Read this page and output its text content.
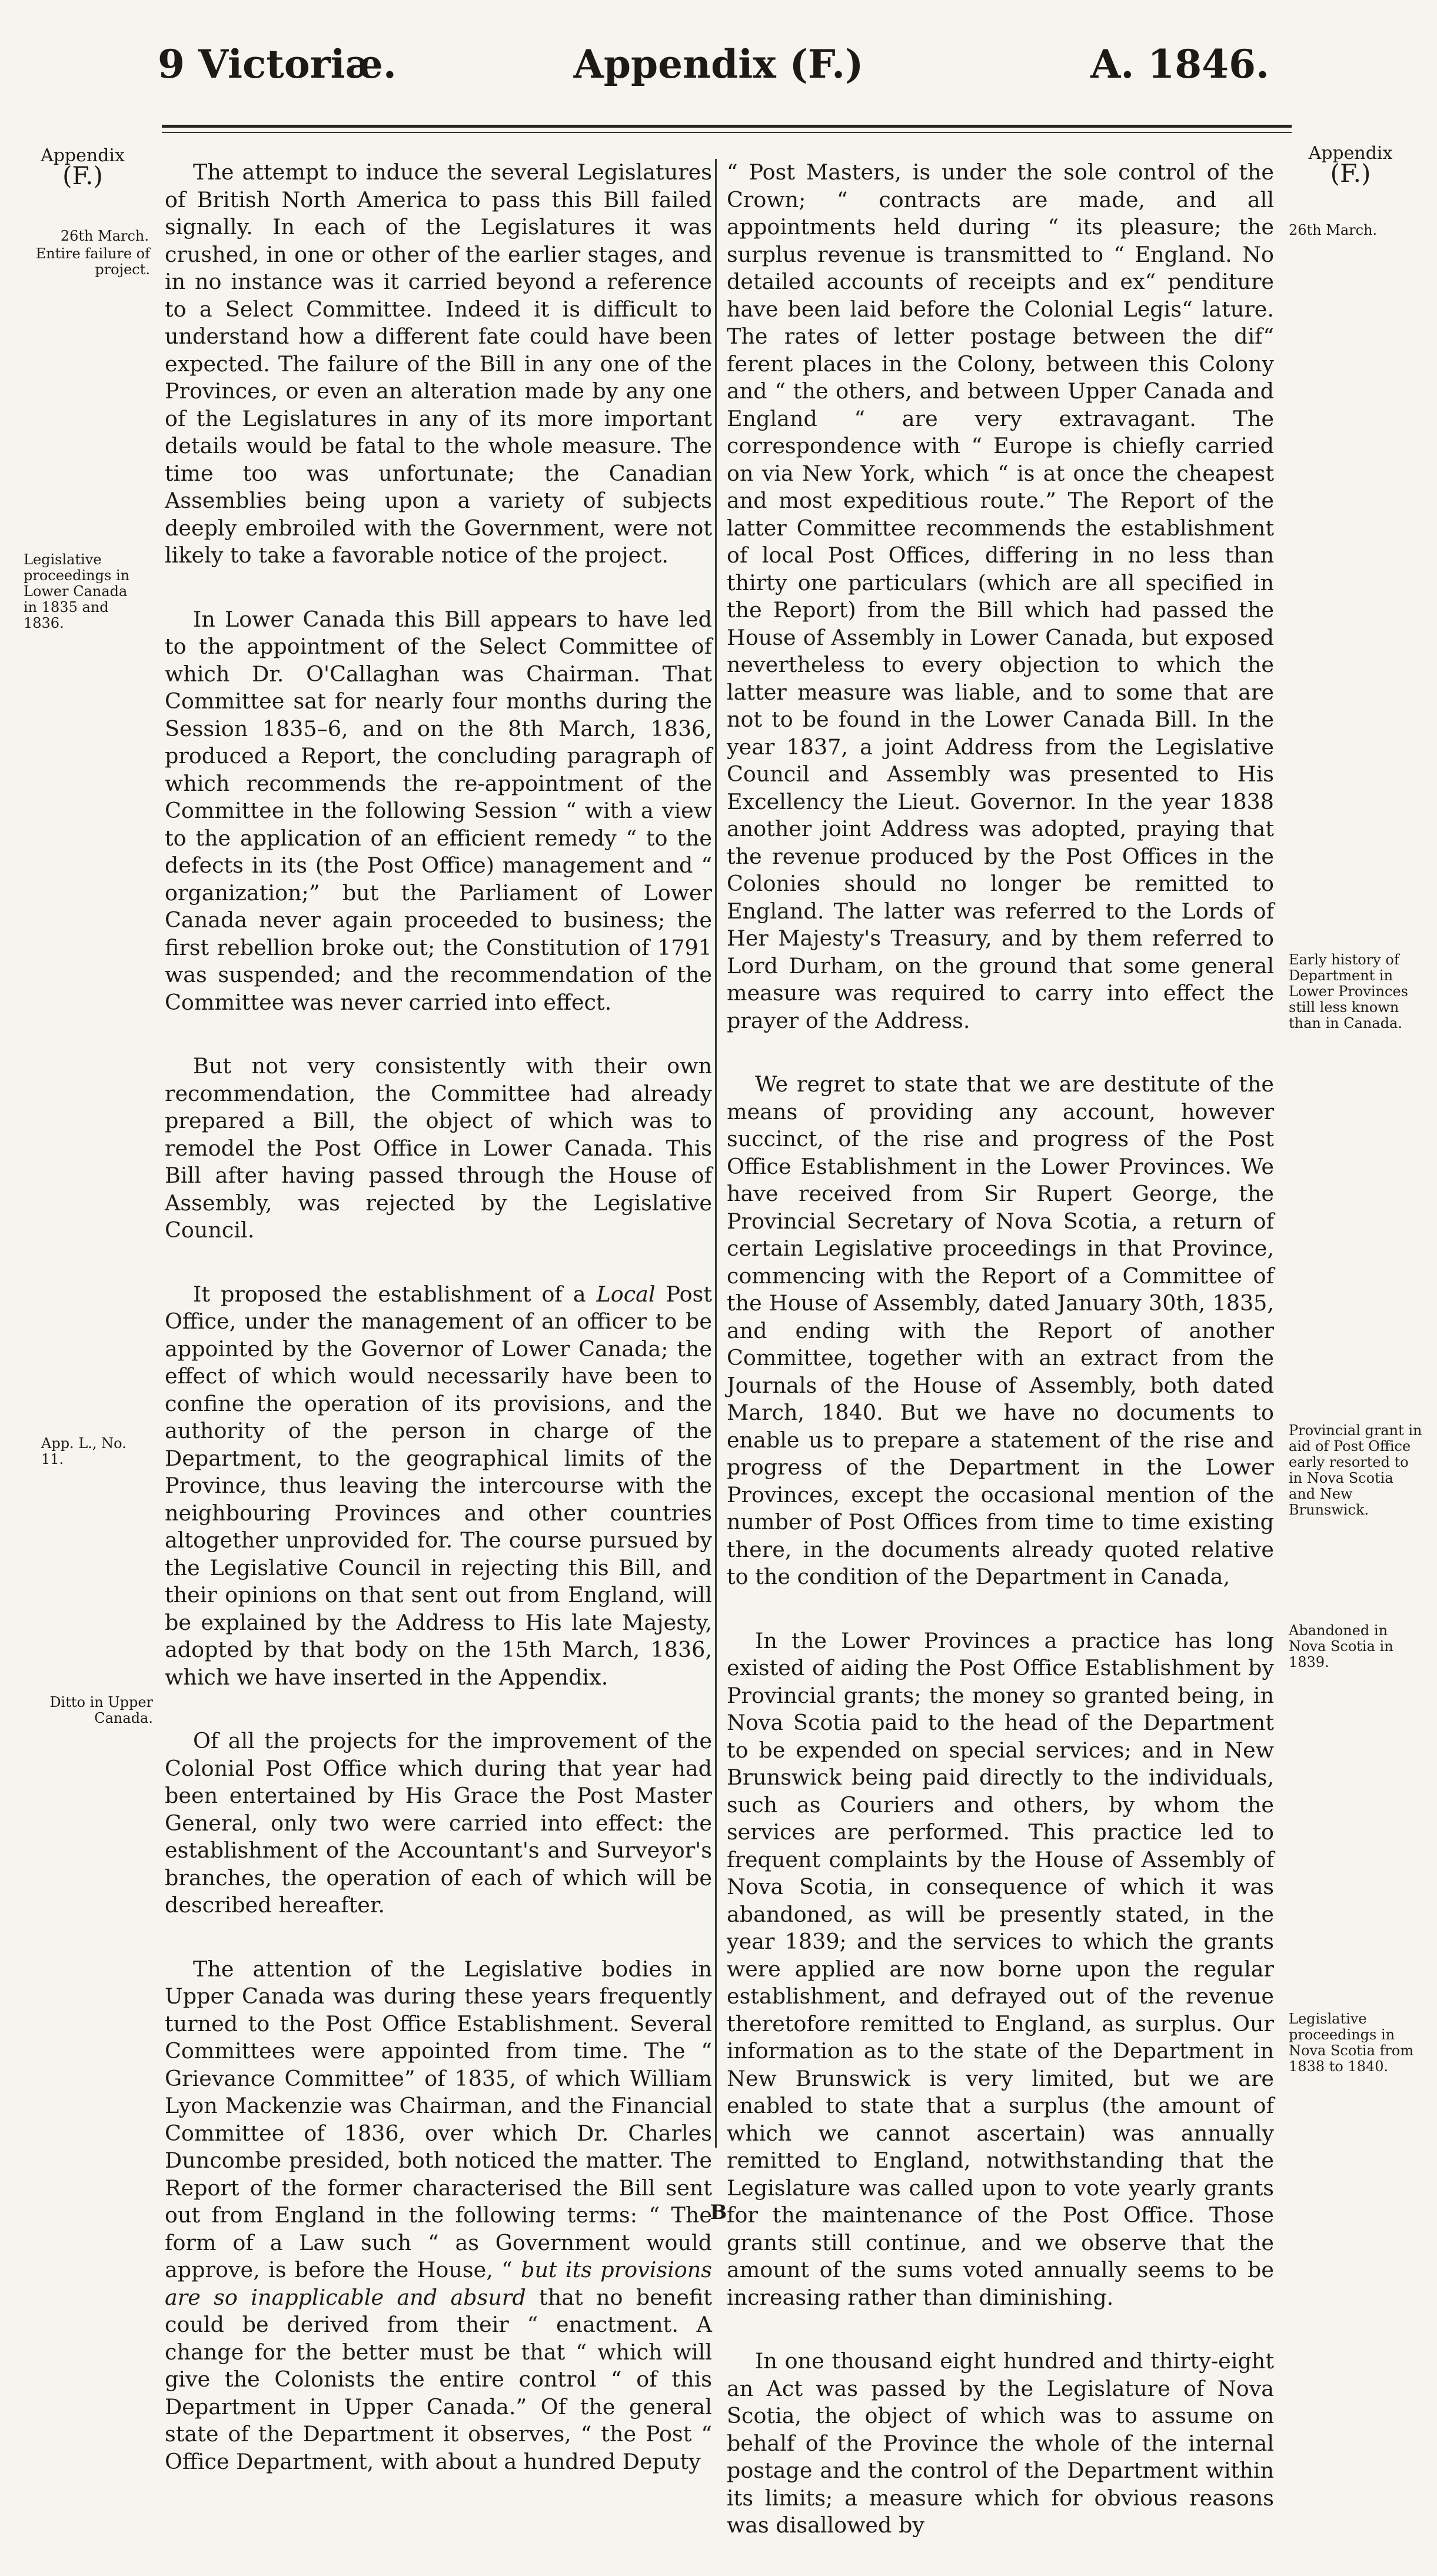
9 Victoriæ.	Appendix (F.)	A. 1846.
Appendix
(F.)
26th March.
Entire failure of project.
Legislative proceedings in Lower Canada in 1835 and 1836.
App. L., No. 11.
Ditto in Upper Canada.

The attempt to induce the several Legislatures of British North America to pass this Bill failed signally. In each of the Legislatures it was crushed, in one or other of the earlier stages, and in no instance was it carried beyond a reference to a Select Committee. Indeed it is difficult to understand how a different fate could have been expected. The failure of the Bill in any one of the Provinces, or even an alteration made by any one of the Legislatures in any of its more important details would be fatal to the whole measure. The time too was unfortunate; the Canadian Assemblies being upon a variety of subjects deeply embroiled with the Government, were not likely to take a favorable notice of the project.

In Lower Canada this Bill appears to have led to the appointment of the Select Committee of which Dr. O'Callaghan was Chairman. That Committee sat for nearly four months during the Session 1835–6, and on the 8th March, 1836, produced a Report, the concluding paragraph of which recommends the re-appointment of the Committee in the following Session “ with a view to the application of an efficient remedy “ to the defects in its (the Post Office) management and “ organization;” but the Parliament of Lower Canada never again proceeded to business; the first rebellion broke out; the Constitution of 1791 was suspended; and the recommendation of the Committee was never carried into effect.

But not very consistently with their own recommendation, the Committee had already prepared a Bill, the object of which was to remodel the Post Office in Lower Canada. This Bill after having passed through the House of Assembly, was rejected by the Legislative Council.

It proposed the establishment of a Local Post Office, under the management of an officer to be appointed by the Governor of Lower Canada; the effect of which would necessarily have been to confine the operation of its provisions, and the authority of the person in charge of the Department, to the geographical limits of the Province, thus leaving the intercourse with the neighbouring Provinces and other countries altogether unprovided for. The course pursued by the Legislative Council in rejecting this Bill, and their opinions on that sent out from England, will be explained by the Address to His late Majesty, adopted by that body on the 15th March, 1836, which we have inserted in the Appendix.

Of all the projects for the improvement of the Colonial Post Office which during that year had been entertained by His Grace the Post Master General, only two were carried into effect: the establishment of the Accountant's and Surveyor's branches, the operation of each of which will be described hereafter.

The attention of the Legislative bodies in Upper Canada was during these years frequently turned to the Post Office Establishment. Several Committees were appointed from time. The “ Grievance Committee” of 1835, of which William Lyon Mackenzie was Chairman, and the Financial Committee of 1836, over which Dr. Charles Duncombe presided, both noticed the matter. The Report of the former characterised the Bill sent out from England in the following terms: “ The form of a Law such “ as Government would approve, is before the House, “ but its provisions are so inapplicable and absurd that no benefit could be derived from their “ enactment. A change for the better must be that “ which will give the Colonists the entire control “ of this Department in Upper Canada.” Of the general state of the Department it observes, “ the Post “ Office Department, with about a hundred Deputy

“ Post Masters, is under the sole control of the Crown; “ contracts are made, and all appointments held during “ its pleasure; the surplus revenue is transmitted to “ England. No detailed accounts of receipts and ex“ penditure have been laid before the Colonial Legis“ lature. The rates of letter postage between the dif“ ferent places in the Colony, between this Colony and “ the others, and between Upper Canada and England “ are very extravagant. The correspondence with “ Europe is chiefly carried on via New York, which “ is at once the cheapest and most expeditious route.” The Report of the latter Committee recommends the establishment of local Post Offices, differing in no less than thirty one particulars (which are all specified in the Report) from the Bill which had passed the House of Assembly in Lower Canada, but exposed nevertheless to every objection to which the latter measure was liable, and to some that are not to be found in the Lower Canada Bill. In the year 1837, a joint Address from the Legislative Council and Assembly was presented to His Excellency the Lieut. Governor. In the year 1838 another joint Address was adopted, praying that the revenue produced by the Post Offices in the Colonies should no longer be remitted to England. The latter was referred to the Lords of Her Majesty's Treasury, and by them referred to Lord Durham, on the ground that some general measure was required to carry into effect the prayer of the Address.

We regret to state that we are destitute of the means of providing any account, however succinct, of the rise and progress of the Post Office Establishment in the Lower Provinces. We have received from Sir Rupert George, the Provincial Secretary of Nova Scotia, a return of certain Legislative proceedings in that Province, commencing with the Report of a Committee of the House of Assembly, dated January 30th, 1835, and ending with the Report of another Committee, together with an extract from the Journals of the House of Assembly, both dated March, 1840. But we have no documents to enable us to prepare a statement of the rise and progress of the Department in the Lower Provinces, except the occasional mention of the number of Post Offices from time to time existing there, in the documents already quoted relative to the condition of the Department in Canada,

In the Lower Provinces a practice has long existed of aiding the Post Office Establishment by Provincial grants; the money so granted being, in Nova Scotia paid to the head of the Department to be expended on special services; and in New Brunswick being paid directly to the individuals, such as Couriers and others, by whom the services are performed. This practice led to frequent complaints by the House of Assembly of Nova Scotia, in consequence of which it was abandoned, as will be presently stated, in the year 1839; and the services to which the grants were applied are now borne upon the regular establishment, and defrayed out of the revenue theretofore remitted to England, as surplus. Our information as to the state of the Department in New Brunswick is very limited, but we are enabled to state that a surplus (the amount of which we cannot ascertain) was annually remitted to England, notwithstanding that the Legislature was called upon to vote yearly grants for the maintenance of the Post Office. Those grants still continue, and we observe that the amount of the sums voted annually seems to be increasing rather than diminishing.

In one thousand eight hundred and thirty-eight an Act was passed by the Legislature of Nova Scotia, the object of which was to assume on behalf of the Province the whole of the internal postage and the control of the Department within its limits; a measure which for obvious reasons was disallowed by

Appendix
(F.)
26th March.
Early history of Department in Lower Provinces still less known than in Canada.
Provincial grant in aid of Post Office early resorted to in Nova Scotia and New Brunswick.
Abandoned in Nova Scotia in 1839.
Legislative proceedings in Nova Scotia from 1838 to 1840.
B
